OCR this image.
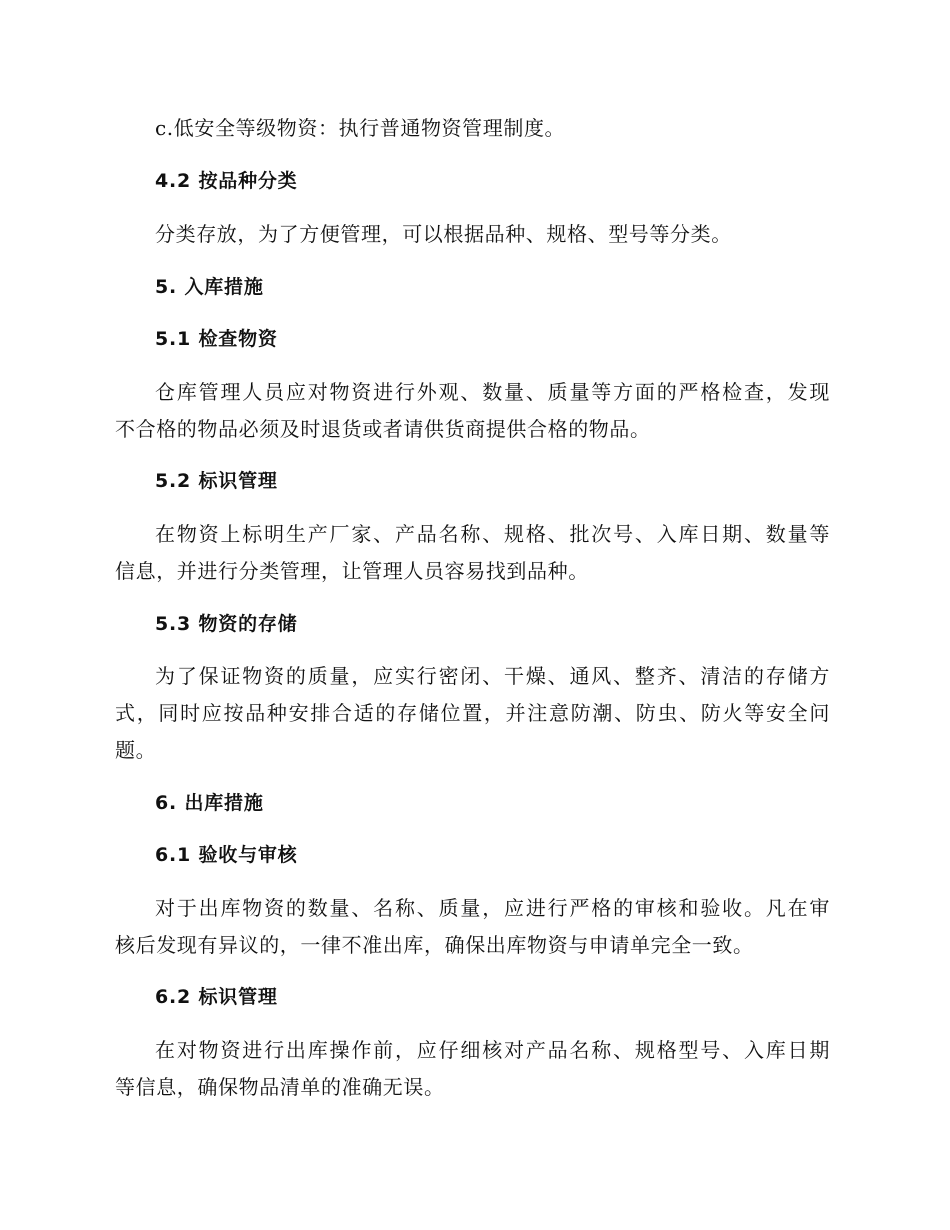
c.低安全等级物资：执行普通物资管理制度。
4.2 按品种分类
分类存放，为了方便管理，可以根据品种、规格、型号等分类。
5. 入库措施
5.1 检查物资
仓库管理人员应对物资进行外观、数量、质量等方面的严格检查，发现
不合格的物品必须及时退货或者请供货商提供合格的物品。
5.2 标识管理
在物资上标明生产厂家、产品名称、规格、批次号、入库日期、数量等
信息，并进行分类管理，让管理人员容易找到品种。
5.3 物资的存储
为了保证物资的质量，应实行密闭、干燥、通风、整齐、清洁的存储方
式，同时应按品种安排合适的存储位置，并注意防潮、防虫、防火等安全问
题。
6. 出库措施
6.1 验收与审核
对于出库物资的数量、名称、质量，应进行严格的审核和验收。凡在审
核后发现有异议的，一律不准出库，确保出库物资与申请单完全一致。
6.2 标识管理
在对物资进行出库操作前，应仔细核对产品名称、规格型号、入库日期
等信息，确保物品清单的准确无误。
